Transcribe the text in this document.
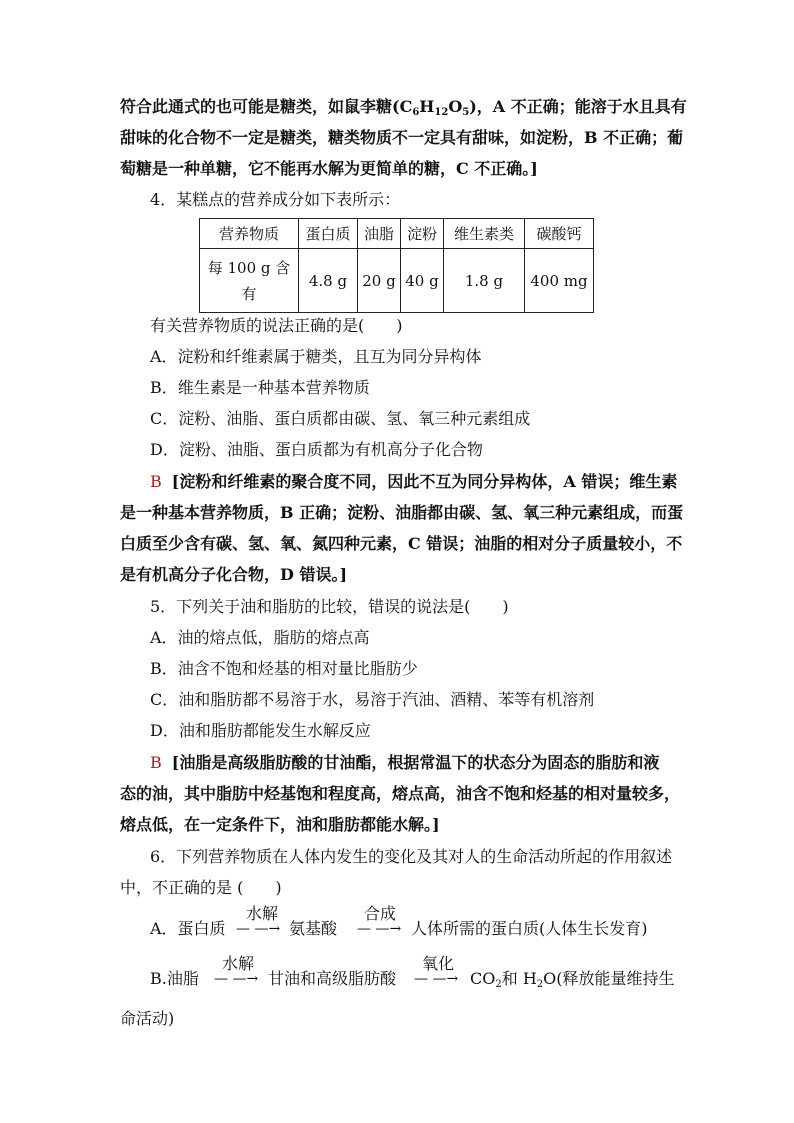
符合此通式的也可能是糖类，如鼠李糖$(C_6H_{12}O_5)$，A 不正确；能溶于水且具有
甜味的化合物不一定是糖类，糖类物质不一定具有甜味，如淀粉，B 不正确；葡
萄糖是一种单糖，它不能再水解为更简单的糖，C 不正确。]
4．某糕点的营养成分如下表所示：
营养物质	蛋白质	油脂	淀粉	维生素类	碳酸钙

每 100 g 含
有	4.8 g	20 g	40 g	1.8 g	400 mg
有关营养物质的说法正确的是(　　)
A．淀粉和纤维素属于糖类，且互为同分异构体
B．维生素是一种基本营养物质
C．淀粉、油脂、蛋白质都由碳、氢、氧三种元素组成
D．淀粉、油脂、蛋白质都为有机高分子化合物
B [淀粉和纤维素的聚合度不同，因此不互为同分异构体，A 错误；维生素
是一种基本营养物质，B 正确；淀粉、油脂都由碳、氢、氧三种元素组成，而蛋
白质至少含有碳、氢、氧、氮四种元素，C 错误；油脂的相对分子质量较小，不
是有机高分子化合物，D 错误。]
5．下列关于油和脂肪的比较，错误的说法是(　　)
A．油的熔点低，脂肪的熔点高
B．油含不饱和烃基的相对量比脂肪少
C．油和脂肪都不易溶于水，易溶于汽油、酒精、苯等有机溶剂
D．油和脂肪都能发生水解反应
B [油脂是高级脂肪酸的甘油酯，根据常温下的状态分为固态的脂肪和液
态的油，其中脂肪中烃基饱和程度高，熔点高，油含不饱和烃基的相对量较多，
熔点低，在一定条件下，油和脂肪都能水解。]
6．下列营养物质在人体内发生的变化及其对人的生命活动所起的作用叙述
中，不正确的是 (　　)
A．蛋白质
水解
— —→ 氨基酸
合成
— —→ 人体所需的蛋白质(人体生长发育)
B.油脂
水解
— —→ 甘油和高级脂肪酸
氧化
— —→ $CO_2$和 $H_2O$(释放能量维持生
命活动)
